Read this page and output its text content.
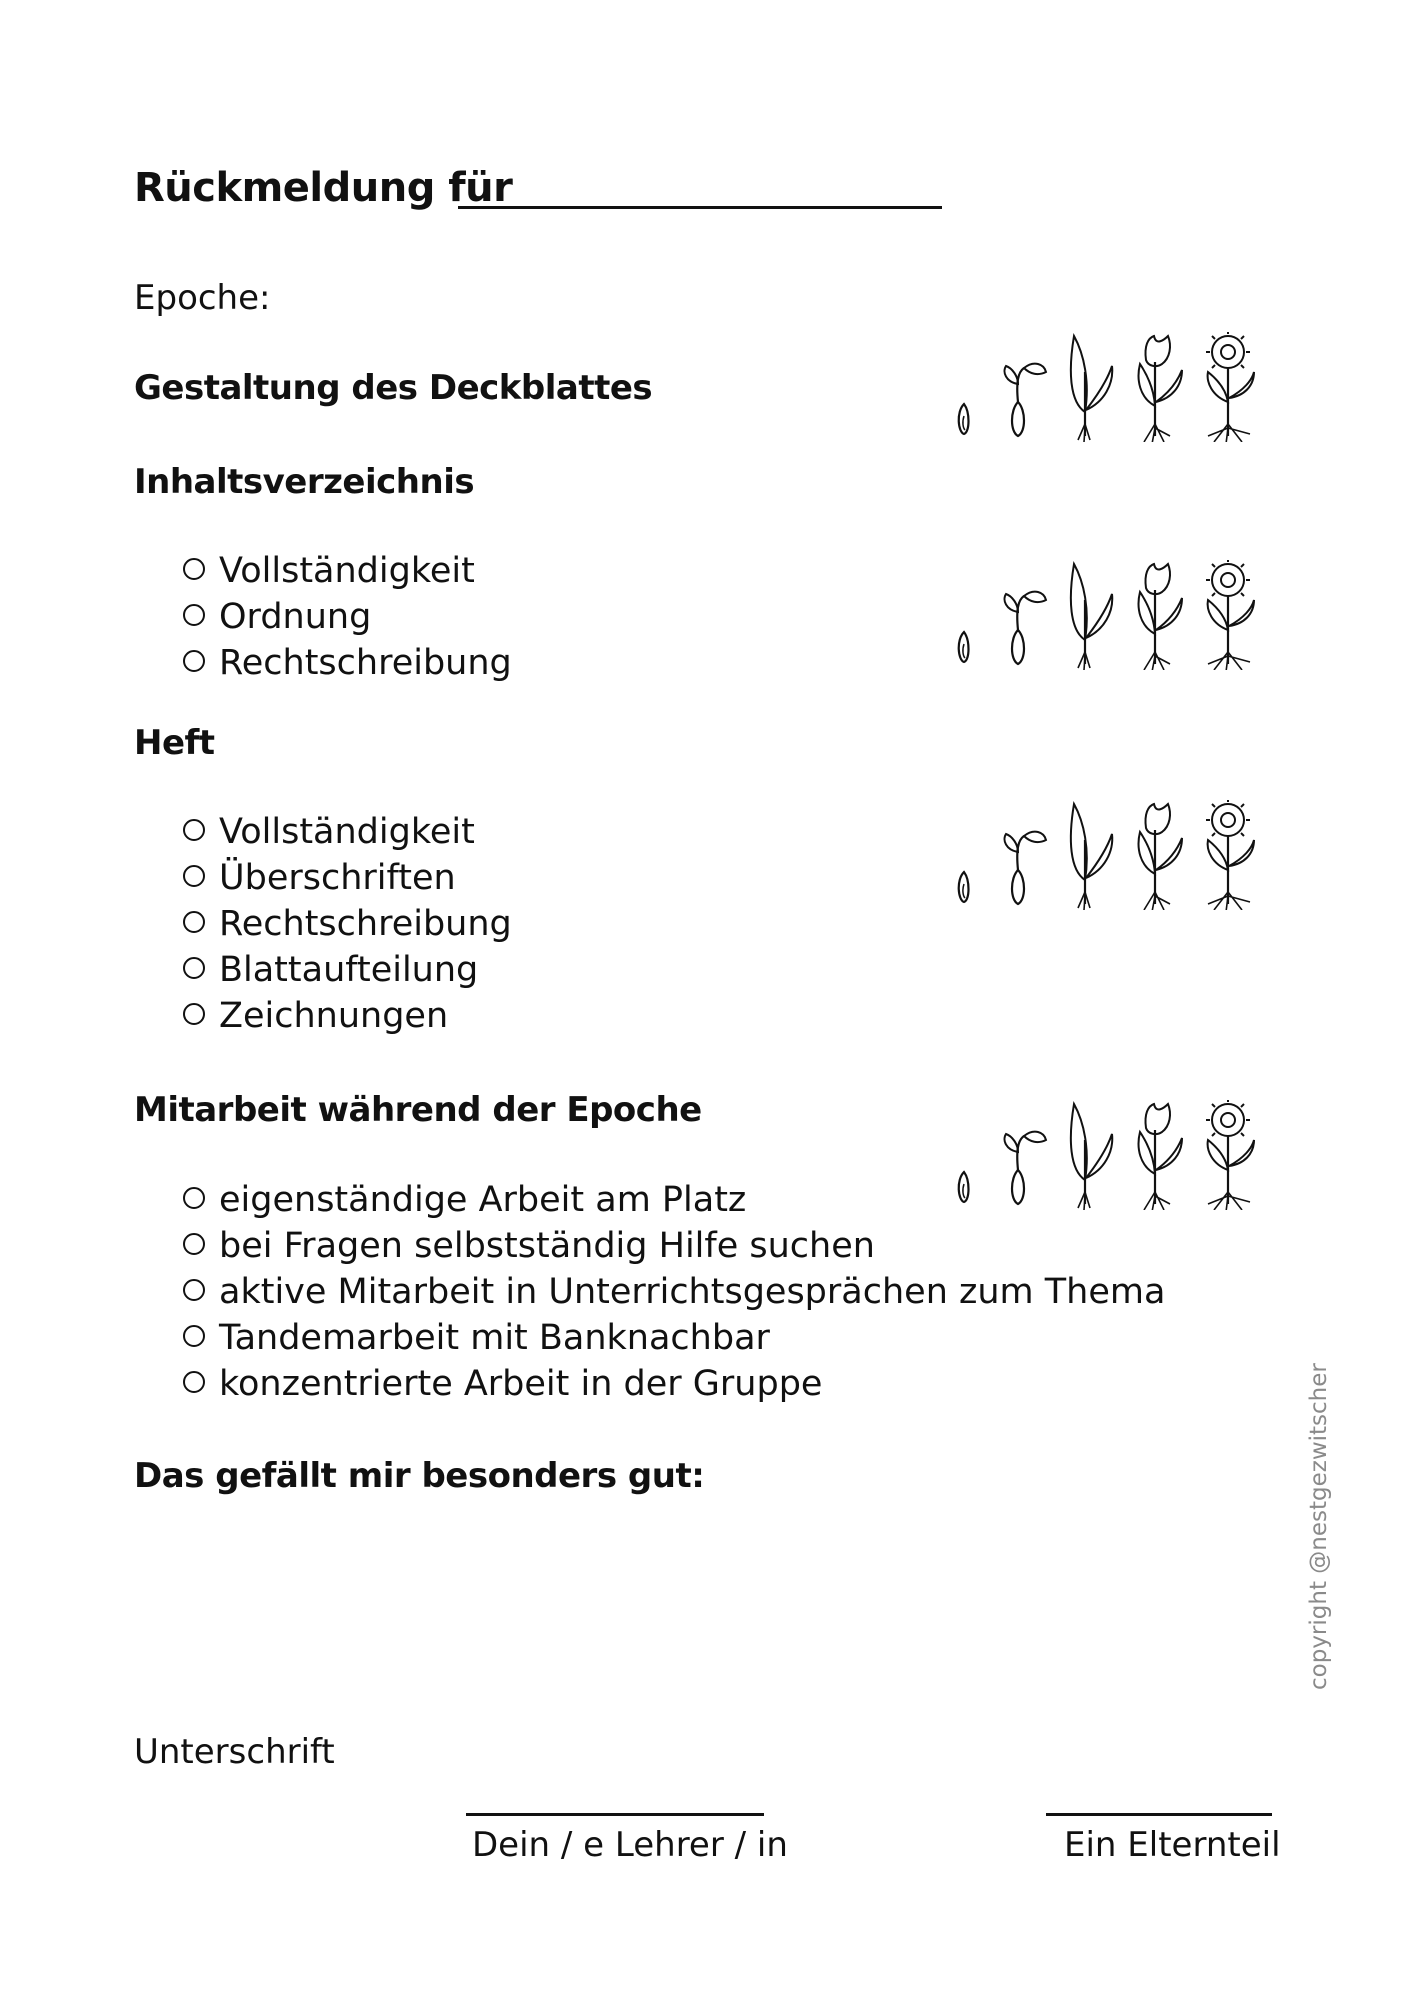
Rückmeldung für
Epoche:
Gestaltung des Deckblattes
Inhaltsverzeichnis
Vollständigkeit
Ordnung
Rechtschreibung
Heft
Vollständigkeit
Überschriften
Rechtschreibung
Blattaufteilung
Zeichnungen
Mitarbeit während der Epoche
eigenständige Arbeit am Platz
bei Fragen selbstständig Hilfe suchen
aktive Mitarbeit in Unterrichtsgesprächen zum Thema
Tandemarbeit mit Banknachbar
konzentrierte Arbeit in der Gruppe
Das gefällt mir besonders gut:
Unterschrift
Dein / e Lehrer / in	Ein Elternteil
copyright @nestgezwitscher
